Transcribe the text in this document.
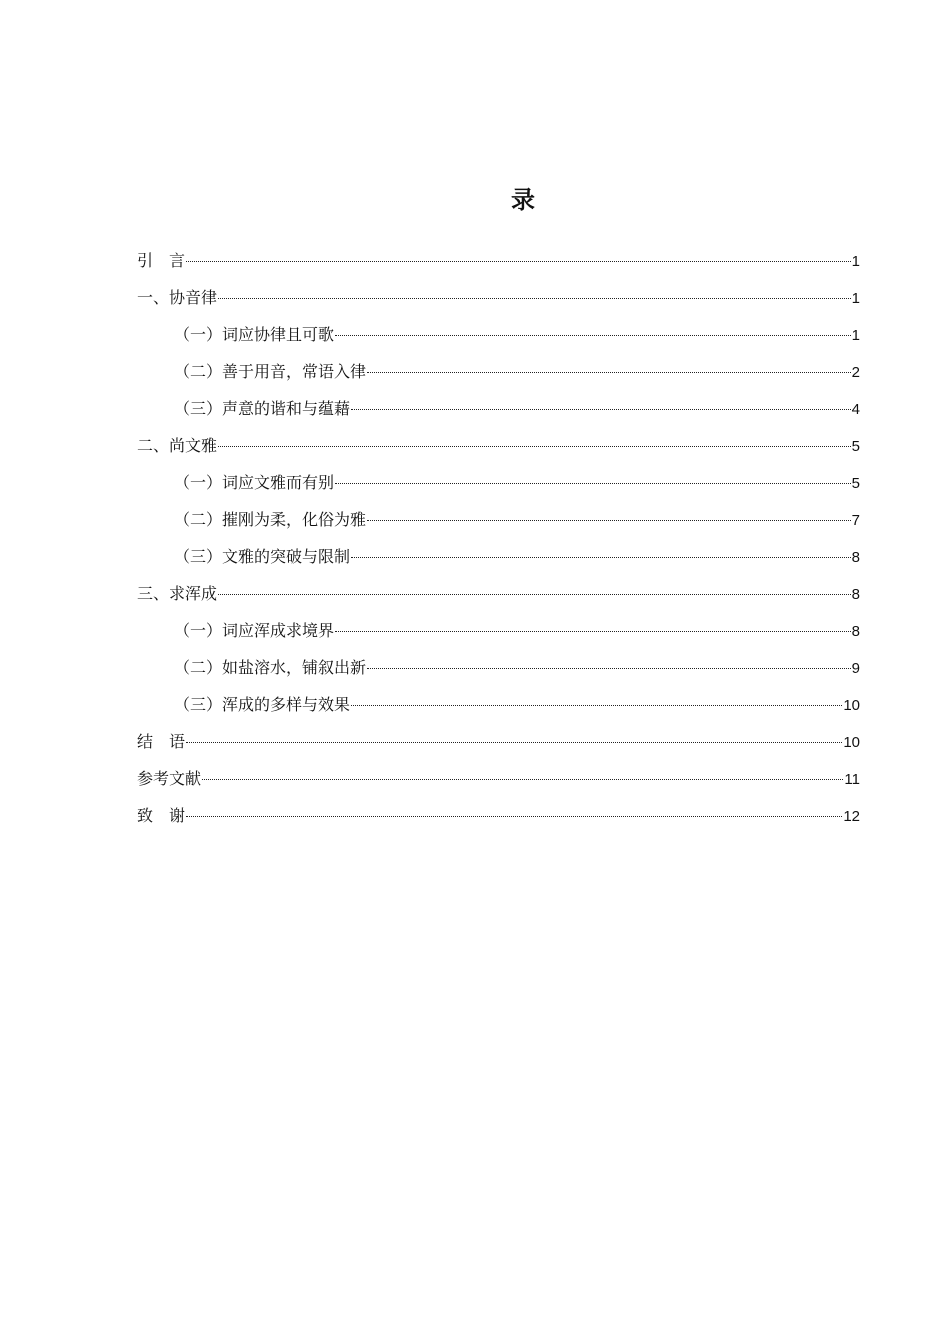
录
引　言	1
一、协音律	1
（一）词应协律且可歌	1
（二）善于用音，常语入律	2
（三）声意的谐和与蕴藉	4
二、尚文雅	5
（一）词应文雅而有别	5
（二）摧刚为柔，化俗为雅	7
（三）文雅的突破与限制	8
三、求浑成	8
（一）词应浑成求境界	8
（二）如盐溶水，铺叙出新	9
（三）浑成的多样与效果	10
结　语	10
参考文献	11
致　谢	12
